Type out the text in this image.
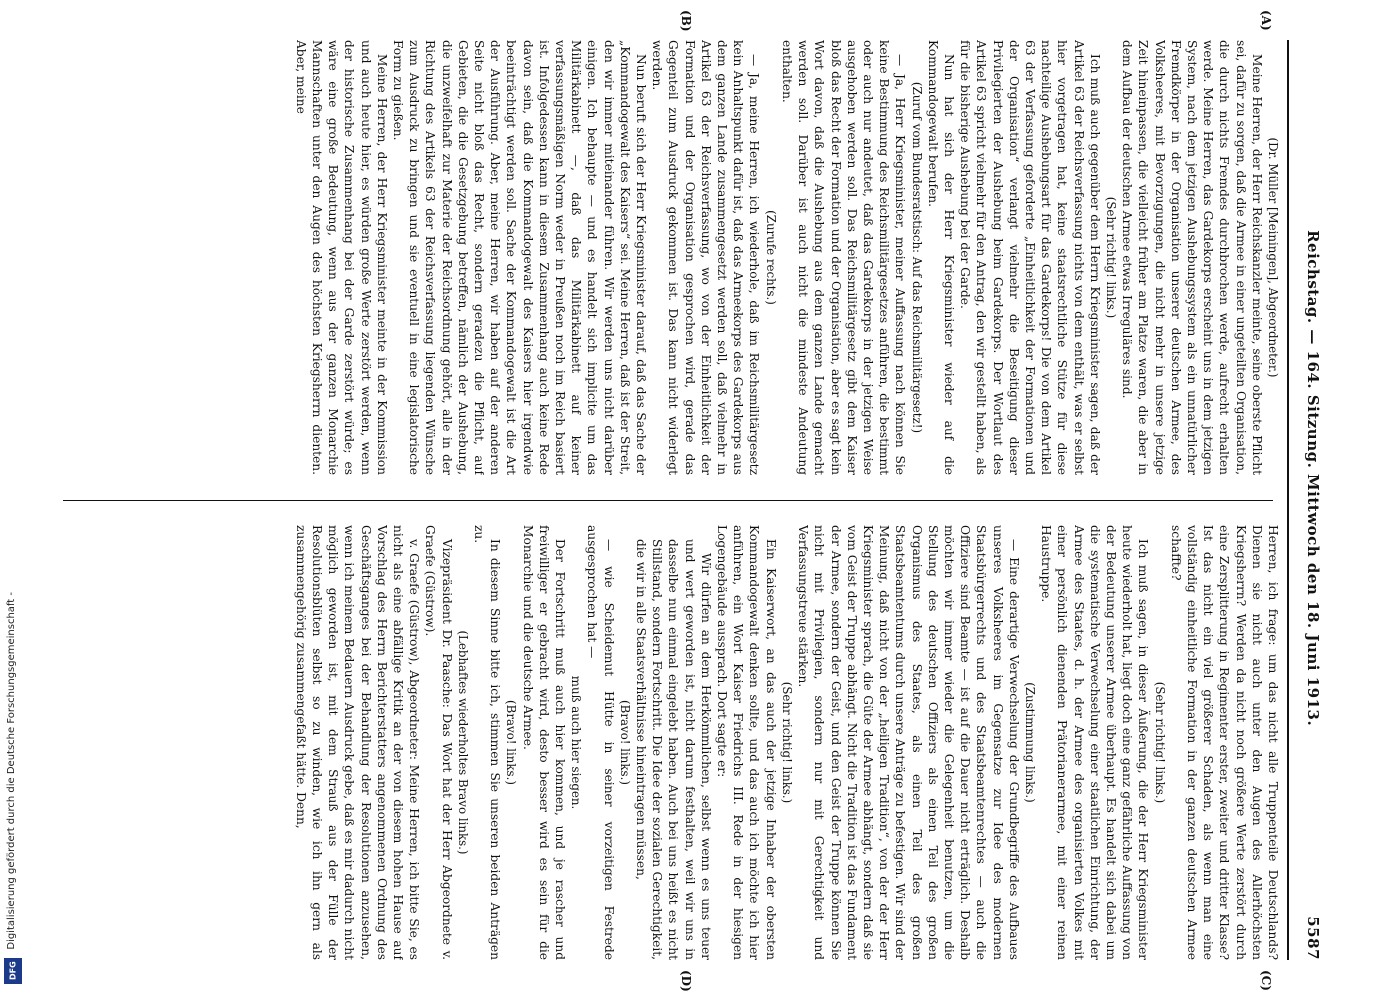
Reichstag. — 164. Sitzung. Mittwoch den 18. Juni 1913.
5587
(A)
(B)
(C)
(D)

(Dr. Müller [Meiningen], Abgeordneter.)

Meine Herren, der Herr Reichskanzler meinte, seine oberste Pflicht sei, dafür zu sorgen, daß die Armee in einer ungeteilten Organisation, die durch nichts Fremdes durchbrochen werde, aufrecht erhalten werde. Meine Herren, das Gardekorps erscheint uns in dem jetzigen System, nach dem jetzigen Aushebungssystem als ein unnatürlicher Fremdkörper in der Organisation unserer deutschen Armee, des Volksheeres, mit Bevorzugungen, die nicht mehr in unsere jetzige Zeit hineinpassen, die vielleicht früher am Platze waren, die aber in dem Aufbau der deutschen Armee etwas Irreguläres sind.

(Sehr richtig! links.)

Ich muß auch gegenüber dem Herrn Kriegsminister sagen, daß der Artikel 63 der Reichsverfassung nichts von dem enthält, was er selbst hier vorgetragen hat, keine staatsrechtliche Stütze für diese nachteilige Aushebungsart für das Gardekorps! Die von dem Artikel 63 der Verfassung geforderte „Einheitlichkeit der Formationen und der Organisation“ verlangt vielmehr die Beseitigung dieser Privilegierten der Aushebung beim Gardekorps. Der Wortlaut des Artikel 63 spricht vielmehr für den Antrag, den wir gestellt haben, als für die bisherige Aushebung bei der Garde.

Nun hat sich der Herr Kriegsminister wieder auf die Kommandogewalt berufen.

(Zuruf vom Bundesratstisch: Auf das Reichsmilitärgesetz!)

— Ja, Herr Kriegsminister, meiner Auffassung nach können Sie keine Bestimmung des Reichsmilitärgesetzes anführen, die bestimmt oder auch nur andeutet, daß das Gardekorps in der jetzigen Weise ausgehoben werden soll. Das Reichsmilitärgesetz gibt dem Kaiser bloß das Recht der Formation und der Organisation, aber es sagt kein Wort davon, daß die Aushebung aus dem ganzen Lande gemacht werden soll. Darüber ist auch nicht die mindeste Andeutung enthalten.

(Zurufe rechts.)

— Ja, meine Herren, ich wiederhole, daß im Reichsmilitärgesetz kein Anhaltspunkt dafür ist, daß das Armeekorps des Gardekorps aus dem ganzen Lande zusammengesetzt werden soll, daß vielmehr in Artikel 63 der Reichsverfassung, wo von der Einheitlichkeit der Formation und der Organisation gesprochen wird, gerade das Gegenteil zum Ausdruck gekommen ist. Das kann nicht widerlegt werden.

Nun beruft sich der Herr Kriegsminister darauf, daß das Sache der „Kommandogewalt des Kaisers“ sei. Meine Herren, daß ist der Streit, den wir immer miteinander führen. Wir werden uns nicht darüber einigen. Ich behaupte — und es handelt sich implicite um das Militärkabinett —, daß das Militärkabinett auf keiner verfassungsmäßigen Norm weder in Preußen noch im Reich basiert ist. Infolgedessen kann in diesem Zusammenhang auch keine Rede davon sein, daß die Kommandogewalt des Kaisers hier irgendwie beeinträchtigt werden soll. Sache der Kommandogewalt ist die Art der Ausführung. Aber, meine Herren, wir haben auf der anderen Seite nicht bloß das Recht, sondern geradezu die Pflicht, auf Gebieten, die die Gesetzgebung betreffen, nämlich der Aushebung, die unzweifelhaft zur Materie der Reichsordnung gehört, alle in der Richtung des Artikels 63 der Reichsverfassung liegenden Wünsche zum Ausdruck zu bringen und sie eventuell in eine legislatorische Form zu gießen.

Meine Herren, der Herr Kriegsminister meinte in der Kommission und auch heute hier, es würden große Werte zerstört werden, wenn der historische Zusammenhang bei der Garde zerstört würde; es wäre eine große Bedeutung, wenn aus der ganzen Monarchie Mannschaften unter den Augen des höchsten Kriegsherrn dienten. Aber, meine

Herren, ich frage: um das nicht alle Truppenteile Deutschlands? Dienen sie nicht auch unter den Augen des Allerhöchsten Kriegsherrn? Werden da nicht noch größere Werte zerstört durch eine Zersplitterung in Regimenter erster, zweiter und dritter Klasse? Ist das nicht ein viel größerer Schaden, als wenn man eine vollständig einheitliche Formation in der ganzen deutschen Armee schaffte?

(Sehr richtig! links.)

Ich muß sagen, in dieser Äußerung, die der Herr Kriegsminister heute wiederholt hat, liegt doch eine ganz gefährliche Auffassung von der Bedeutung unserer Armee überhaupt. Es handelt sich dabei um die systematische Verwechselung einer staatlichen Einrichtung, der Armee des Staates, d. h. der Armee des organisierten Volkes mit einer persönlich dienenden Prätorianerarmee, mit einer reinen Haustruppe.

(Zustimmung links.)

— Eine derartige Verwechselung der Grundbegriffe des Aufbaues unseres Volksheeres im Gegensatze zur Idee des modernen Staatsbürgerrechts und des Staatsbeamtenrechtes — auch die Offiziere sind Beamte — ist auf die Dauer nicht erträglich. Deshalb möchten wir immer wieder die Gelegenheit benutzen, um die Stellung des deutschen Offiziers als einen Teil des großen Organismus des Staates, als einen Teil des großen Staatsbeamtentums durch unsere Anträge zu befestigen. Wir sind der Meinung, daß nicht von der „heiligen Tradition“, von der der Herr Kriegsminister sprach, die Güte der Armee abhängt, sondern daß sie vom Geist der Truppe abhängt. Nicht die Tradition ist das Fundament der Armee, sondern der Geist, und den Geist der Truppe können Sie nicht mit Privilegien, sondern nur mit Gerechtigkeit und Verfassungstreue stärken.

(Sehr richtig! links.)

Ein Kaiserwort, an das auch der jetzige Inhaber der obersten Kommandogewalt denken sollte, und das auch ich möchte ich hier anführen, ein Wort Kaiser Friedrichs III. Rede in der hiesigen Logengebäude aussprach. Dort sagte er:

Wir dürfen an dem Herkömmlichen, selbst wenn es uns teuer und wert geworden ist, nicht darum festhalten, weil wir uns in dasselbe nun einmal eingelebt haben. Auch bei uns heißt es nicht Stillstand, sondern Fortschritt. Die Idee der sozialen Gerechtigkeit, die wir in alle Staatsverhältnisse hineintragen müssen,

(Bravo! links.)

— wie Scheidemut Hütte in seiner vorzeitigen Festrede ausgesprochen hat —

muß auch hier siegen.

Der Fortschritt muß auch hier kommen, und je rascher und freiwilliger er gebracht wird, desto besser wird es sein für die Monarchie und die deutsche Armee.

(Bravo! links.)

In diesem Sinne bitte ich, stimmen Sie unseren beiden Anträgen zu.

(Lebhaftes wiederholtes Bravo links.)

Vizepräsident Dr. Paasche: Das Wort hat der Herr Abgeordnete v. Graefe (Güstrow).

v. Graefe (Güstrow), Abgeordneter: Meine Herren, ich bitte Sie, es nicht als eine abfällige Kritik an der von diesem hohen Hause auf Vorschlag des Herrn Berichterstatters angenommenen Ordnung des Geschäftsganges bei der Behandlung der Resolutionen anzusehen, wenn ich meinem Bedauern Ausdruck gebe, daß es mir dadurch nicht möglich geworden ist, mit dem Strauß aus der Fülle der Resolutionsblüten selbst so zu winden, wie ich ihn gern als zusammengehörig zusammengefaßt hätte. Denn,

Digitalisierung gefördert durch die Deutsche Forschungsgemeinschaft -
DFG
